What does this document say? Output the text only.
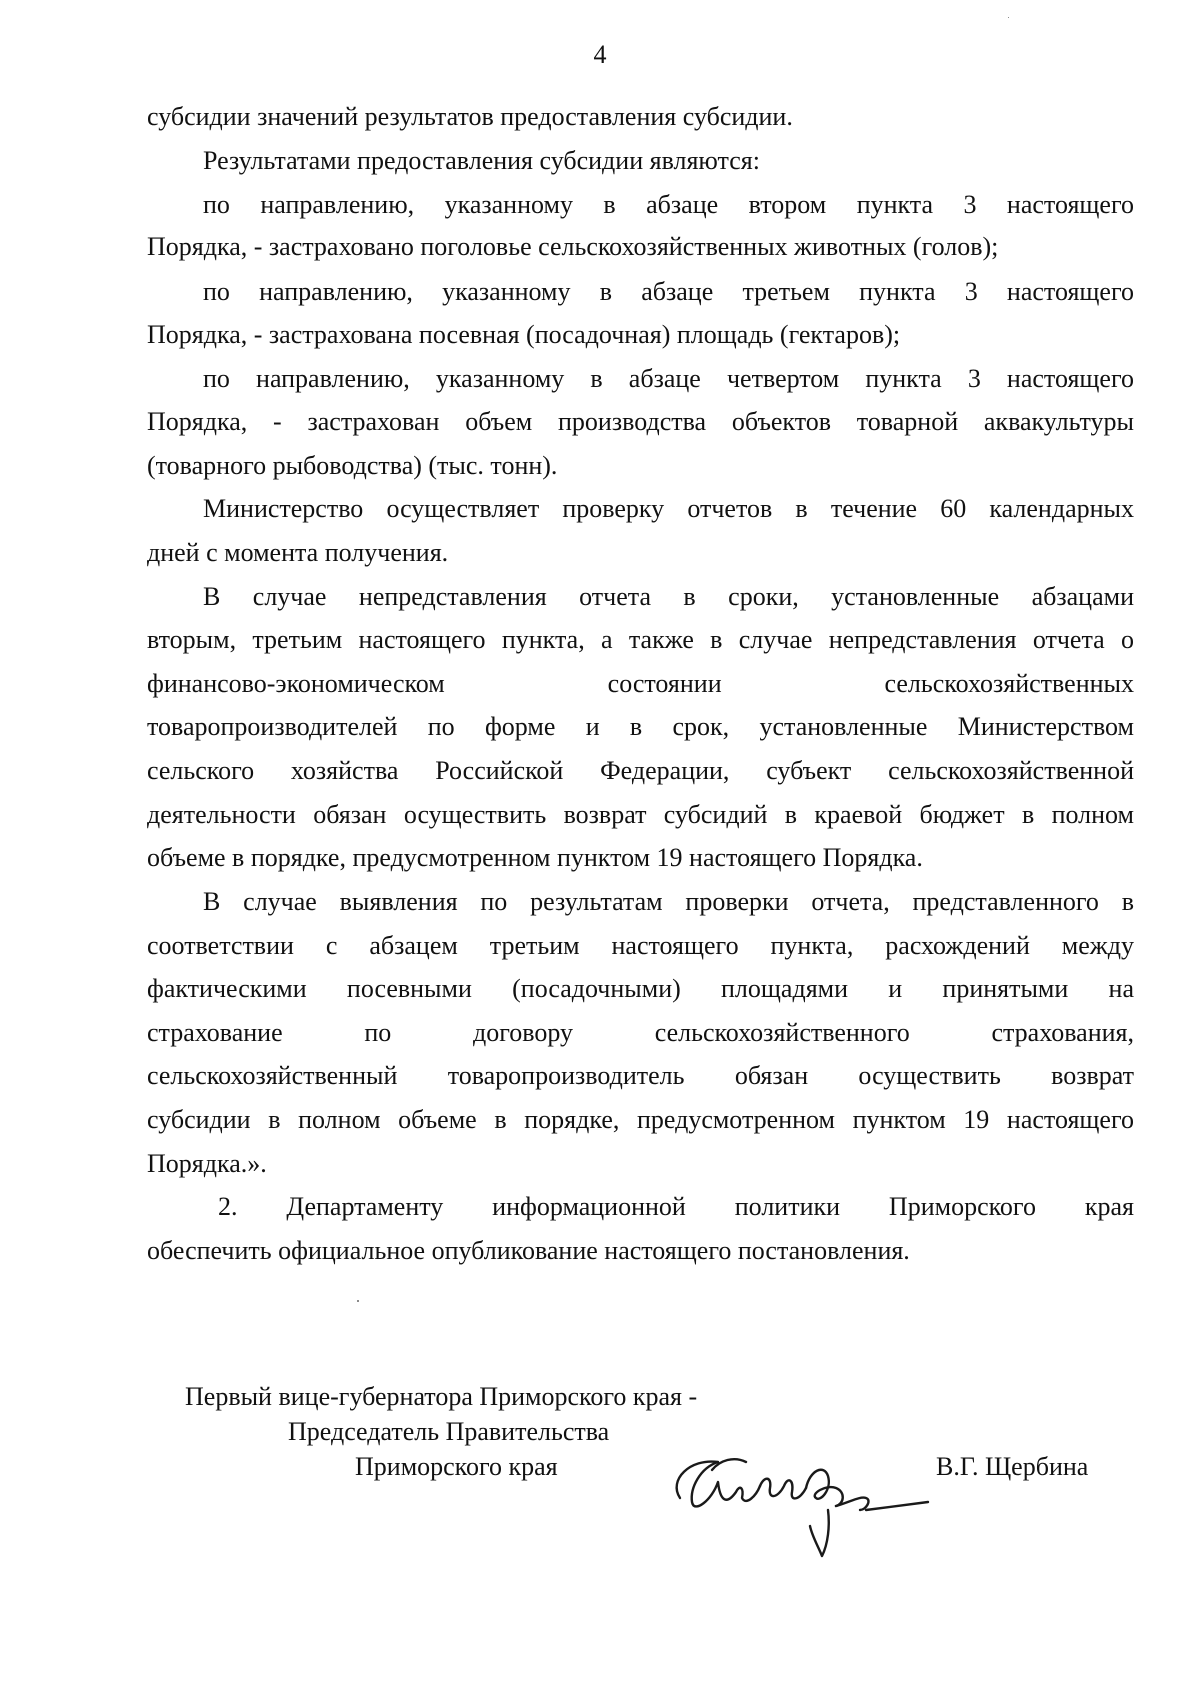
4
субсидии значений результатов предоставления субсидии.
Результатами предоставления субсидии являются:
по направлению, указанному в абзаце втором пункта 3 настоящего
Порядка, - застраховано поголовье сельскохозяйственных животных (голов);
по направлению, указанному в абзаце третьем пункта 3 настоящего
Порядка, - застрахована посевная (посадочная) площадь (гектаров);
по направлению, указанному в абзаце четвертом пункта 3 настоящего
Порядка, - застрахован объем производства объектов товарной аквакультуры
(товарного рыбоводства) (тыс. тонн).
Министерство осуществляет проверку отчетов в течение 60 календарных
дней с момента получения.
В случае непредставления отчета в сроки, установленные абзацами
вторым, третьим настоящего пункта, а также в случае непредставления отчета о
финансово-экономическом состоянии сельскохозяйственных
товаропроизводителей по форме и в срок, установленные Министерством
сельского хозяйства Российской Федерации, субъект сельскохозяйственной
деятельности обязан осуществить возврат субсидий в краевой бюджет в полном
объеме в порядке, предусмотренном пунктом 19 настоящего Порядка.
В случае выявления по результатам проверки отчета, представленного в
соответствии с абзацем третьим настоящего пункта, расхождений между
фактическими посевными (посадочными) площадями и принятыми на
страхование по договору сельскохозяйственного страхования,
сельскохозяйственный товаропроизводитель обязан осуществить возврат
субсидии в полном объеме в порядке, предусмотренном пунктом 19 настоящего
Порядка.».
2. Департаменту информационной политики Приморского края
обеспечить официальное опубликование настоящего постановления.
Первый вице-губернатора Приморского края -
Председатель Правительства
Приморского края	В.Г. Щербина
